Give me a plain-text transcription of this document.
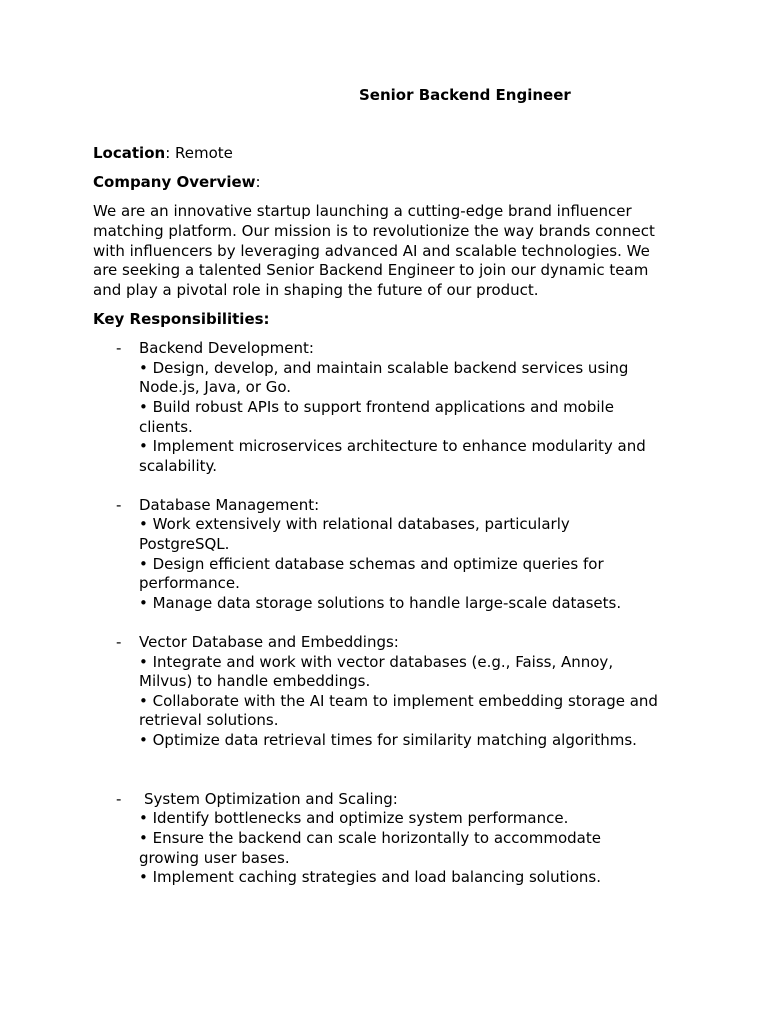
Senior Backend Engineer
Location: Remote
Company Overview:
We are an innovative startup launching a cutting-edge brand influencer
matching platform. Our mission is to revolutionize the way brands connect
with influencers by leveraging advanced AI and scalable technologies. We
are seeking a talented Senior Backend Engineer to join our dynamic team
and play a pivotal role in shaping the future of our product.
Key Responsibilities:
- Backend Development:
• Design, develop, and maintain scalable backend services using
Node.js, Java, or Go.
• Build robust APIs to support frontend applications and mobile
clients.
• Implement microservices architecture to enhance modularity and
scalability.
- Database Management:
• Work extensively with relational databases, particularly
PostgreSQL.
• Design efficient database schemas and optimize queries for
performance.
• Manage data storage solutions to handle large-scale datasets.
- Vector Database and Embeddings:
• Integrate and work with vector databases (e.g., Faiss, Annoy,
Milvus) to handle embeddings.
• Collaborate with the AI team to implement embedding storage and
retrieval solutions.
• Optimize data retrieval times for similarity matching algorithms.
-	System Optimization and Scaling:
• Identify bottlenecks and optimize system performance.
• Ensure the backend can scale horizontally to accommodate
growing user bases.
• Implement caching strategies and load balancing solutions.
